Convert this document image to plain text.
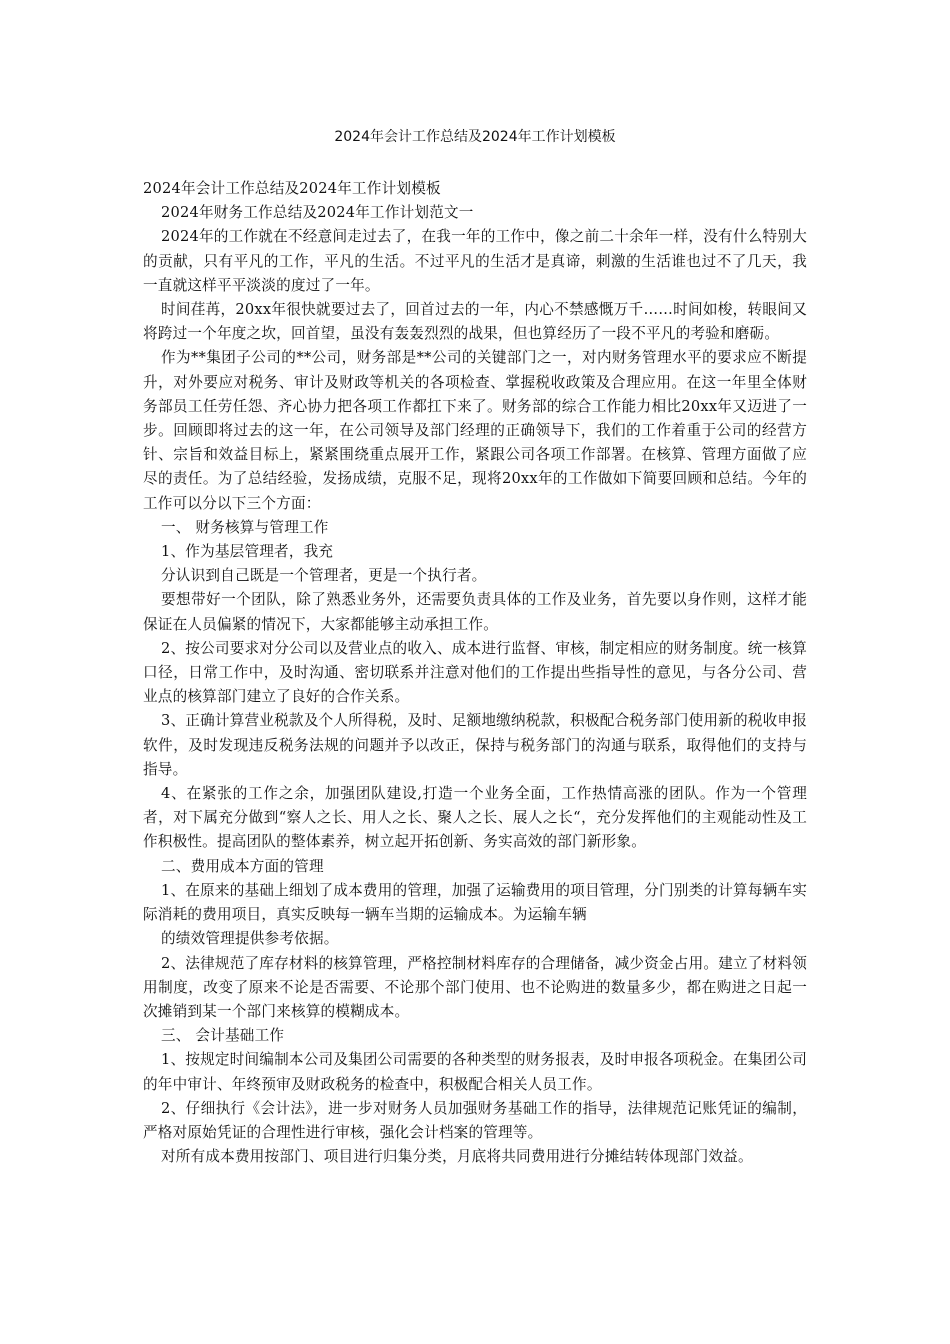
2024年会计工作总结及2024年工作计划模板

2024年会计工作总结及2024年工作计划模板

2024年财务工作总结及2024年工作计划范文一

2024年的工作就在不经意间走过去了，在我一年的工作中，像之前二十余年一样，没有什么特别大的贡献，只有平凡的工作，平凡的生活。不过平凡的生活才是真谛，刺激的生活谁也过不了几天，我一直就这样平平淡淡的度过了一年。

时间荏苒，20xx年很快就要过去了，回首过去的一年，内心不禁感慨万千……时间如梭，转眼间又将跨过一个年度之坎，回首望，虽没有轰轰烈烈的战果，但也算经历了一段不平凡的考验和磨砺。

作为**集团子公司的**公司，财务部是**公司的关键部门之一，对内财务管理水平的要求应不断提升，对外要应对税务、审计及财政等机关的各项检查、掌握税收政策及合理应用。在这一年里全体财务部员工任劳任怨、齐心协力把各项工作都扛下来了。财务部的综合工作能力相比20xx年又迈进了一步。回顾即将过去的这一年，在公司领导及部门经理的正确领导下，我们的工作着重于公司的经营方针、宗旨和效益目标上，紧紧围绕重点展开工作，紧跟公司各项工作部署。在核算、管理方面做了应尽的责任。为了总结经验，发扬成绩，克服不足，现将20xx年的工作做如下简要回顾和总结。今年的工作可以分以下三个方面：

一、 财务核算与管理工作

1、作为基层管理者，我充

分认识到自己既是一个管理者，更是一个执行者。

要想带好一个团队，除了熟悉业务外，还需要负责具体的工作及业务，首先要以身作则，这样才能保证在人员偏紧的情况下，大家都能够主动承担工作。

2、按公司要求对分公司以及营业点的收入、成本进行监督、审核，制定相应的财务制度。统一核算口径，日常工作中，及时沟通、密切联系并注意对他们的工作提出些指导性的意见，与各分公司、营业点的核算部门建立了良好的合作关系。

3、正确计算营业税款及个人所得税，及时、足额地缴纳税款，积极配合税务部门使用新的税收申报软件，及时发现违反税务法规的问题并予以改正，保持与税务部门的沟通与联系，取得他们的支持与指导。

4、在紧张的工作之余，加强团队建设,打造一个业务全面，工作热情高涨的团队。作为一个管理者，对下属充分做到“察人之长、用人之长、聚人之长、展人之长“，充分发挥他们的主观能动性及工作积极性。提高团队的整体素养，树立起开拓创新、务实高效的部门新形象。

二、费用成本方面的管理

1、在原来的基础上细划了成本费用的管理，加强了运输费用的项目管理，分门别类的计算每辆车实际消耗的费用项目，真实反映每一辆车当期的运输成本。为运输车辆

的绩效管理提供参考依据。

2、法律规范了库存材料的核算管理，严格控制材料库存的合理储备，减少资金占用。建立了材料领用制度，改变了原来不论是否需要、不论那个部门使用、也不论购进的数量多少，都在购进之日起一次摊销到某一个部门来核算的模糊成本。

三、 会计基础工作

1、按规定时间编制本公司及集团公司需要的各种类型的财务报表，及时申报各项税金。在集团公司的年中审计、年终预审及财政税务的检查中，积极配合相关人员工作。

2、仔细执行《会计法》，进一步对财务人员加强财务基础工作的指导，法律规范记账凭证的编制，严格对原始凭证的合理性进行审核，强化会计档案的管理等。

对所有成本费用按部门、项目进行归集分类，月底将共同费用进行分摊结转体现部门效益。
